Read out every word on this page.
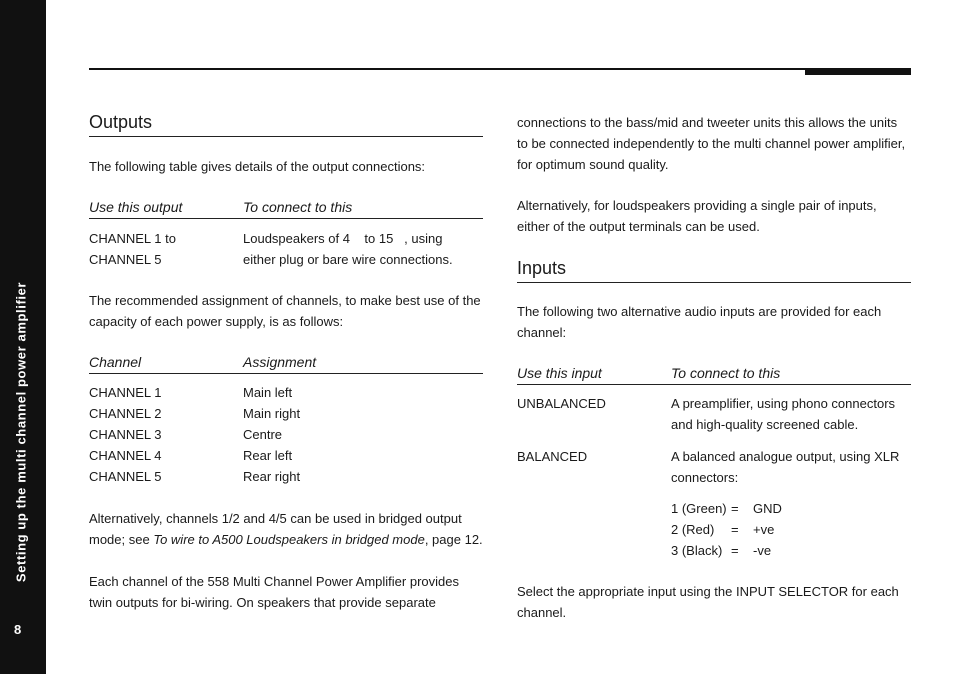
Setting up the multi channel power amplifier
8
Outputs

The following table gives details of the output connections:

Use this output	To connect to this
CHANNEL 1 to	Loudspeakers of 4    to 15   , using
CHANNEL 5	either plug or bare wire connections.

The recommended assignment of channels, to make best use of the capacity of each power supply, is as follows:

Channel	Assignment
CHANNEL 1	Main left
CHANNEL 2	Main right
CHANNEL 3	Centre
CHANNEL 4	Rear left
CHANNEL 5	Rear right

Alternatively, channels 1/2 and 4/5 can be used in bridged output mode; see To wire to A500 Loudspeakers in bridged mode, page 12.

Each channel of the 558 Multi Channel Power Amplifier provides twin outputs for bi-wiring. On speakers that provide separate

connections to the bass/mid and tweeter units this allows the units to be connected independently to the multi channel power amplifier, for optimum sound quality.

Alternatively, for loudspeakers providing a single pair of inputs, either of the output terminals can be used.

Inputs

The following two alternative audio inputs are provided for each channel:

Use this input	To connect to this
UNBALANCED	A preamplifier, using phono connectors and high-quality screened cable.
BALANCED	A balanced analogue output, using XLR connectors:
1 (Green) =	GND
2 (Red)	=	+ve
3 (Black) =	-ve

Select the appropriate input using the INPUT SELECTOR for each channel.
